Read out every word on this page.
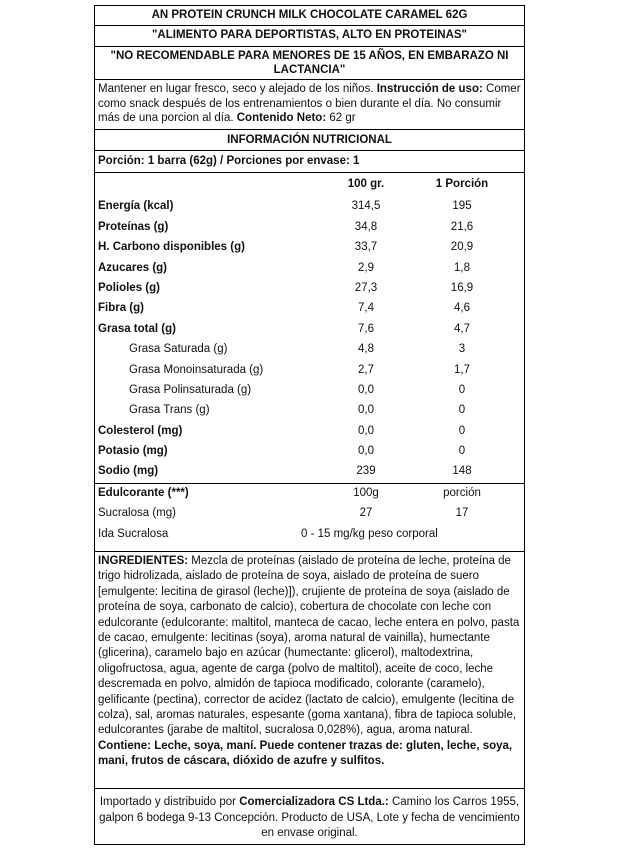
AN PROTEIN CRUNCH MILK CHOCOLATE CARAMEL 62G
"ALIMENTO PARA DEPORTISTAS, ALTO EN PROTEINAS"
"NO RECOMENDABLE PARA MENORES DE 15 AÑOS, EN EMBARAZO NI LACTANCIA"
Mantener en lugar fresco, seco y alejado de los niños. Instrucción de uso: Comer como snack después de los entrenamientos o bien durante el día. No consumir más de una porcion al día. Contenido Neto: 62 gr
INFORMACIÓN NUTRICIONAL
Porción: 1 barra (62g) / Porciones por envase: 1
100 gr.	1 Porción
Energía (kcal)	314,5	195
Proteínas (g)	34,8	21,6
H. Carbono disponibles (g)	33,7	20,9
Azucares (g)	2,9	1,8
Polioles (g)	27,3	16,9
Fibra (g)	7,4	4,6
Grasa total (g)	7,6	4,7
Grasa Saturada (g)	4,8	3
Grasa Monoinsaturada (g)	2,7	1,7
Grasa Polinsaturada (g)	0,0	0
Grasa Trans (g)	0,0	0
Colesterol (mg)	0,0	0
Potasio (mg)	0,0	0
Sodio (mg)	239	148
Edulcorante (***)	100g	porción
Sucralosa (mg)	27	17
Ida Sucralosa	0 - 15 mg/kg peso corporal
INGREDIENTES: Mezcla de proteínas (aislado de proteína de leche, proteína de trigo hidrolizada, aislado de proteína de soya, aislado de proteína de suero [emulgente: lecitina de girasol (leche)]), crujiente de proteína de soya (aislado de proteína de soya, carbonato de calcio), cobertura de chocolate con leche con edulcorante (edulcorante: maltitol, manteca de cacao, leche entera en polvo, pasta de cacao, emulgente: lecitinas (soya), aroma natural de vainilla), humectante (glicerina), caramelo bajo en azúcar (humectante: glicerol), maltodextrina, oligofructosa, agua, agente de carga (polvo de maltitol), aceite de coco, leche descremada en polvo, almidón de tapioca modificado, colorante (caramelo), gelificante (pectina), corrector de acidez (lactato de calcio), emulgente (lecitina de colza), sal, aromas naturales, espesante (goma xantana), fibra de tapioca soluble, edulcorantes (jarabe de maltitol, sucralosa 0,028%), agua, aroma natural. Contiene: Leche, soya, maní. Puede contener trazas de: gluten, leche, soya, mani, frutos de cáscara, dióxido de azufre y sulfitos.
Importado y distribuido por Comercializadora CS Ltda.: Camino los Carros 1955, galpon 6 bodega 9-13 Concepción. Producto de USA, Lote y fecha de vencimiento en envase original.
